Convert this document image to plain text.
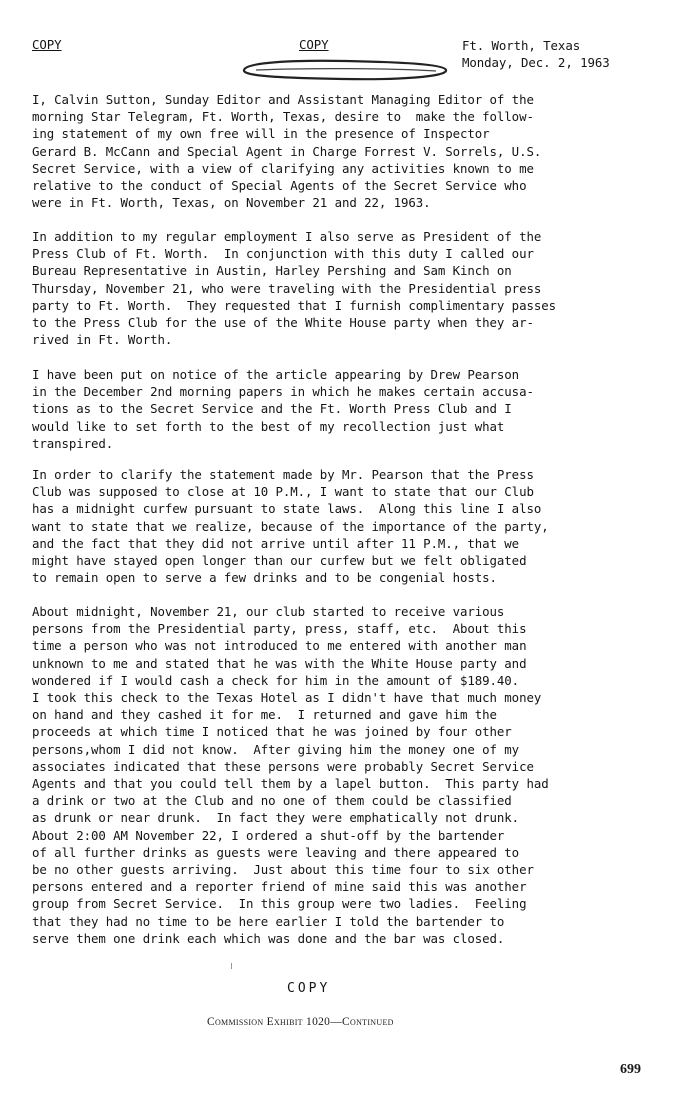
COPY	COPY	Ft. Worth, Texas
Monday, Dec. 2, 1963
I, Calvin Sutton, Sunday Editor and Assistant Managing Editor of the
morning Star Telegram, Ft. Worth, Texas, desire to  make the follow-
ing statement of my own free will in the presence of Inspector
Gerard B. McCann and Special Agent in Charge Forrest V. Sorrels, U.S.
Secret Service, with a view of clarifying any activities known to me
relative to the conduct of Special Agents of the Secret Service who
were in Ft. Worth, Texas, on November 21 and 22, 1963.
In addition to my regular employment I also serve as President of the
Press Club of Ft. Worth.  In conjunction with this duty I called our
Bureau Representative in Austin, Harley Pershing and Sam Kinch on
Thursday, November 21, who were traveling with the Presidential press
party to Ft. Worth.  They requested that I furnish complimentary passes
to the Press Club for the use of the White House party when they ar-
rived in Ft. Worth.
I have been put on notice of the article appearing by Drew Pearson
in the December 2nd morning papers in which he makes certain accusa-
tions as to the Secret Service and the Ft. Worth Press Club and I
would like to set forth to the best of my recollection just what
transpired.
In order to clarify the statement made by Mr. Pearson that the Press
Club was supposed to close at 10 P.M., I want to state that our Club
has a midnight curfew pursuant to state laws.  Along this line I also
want to state that we realize, because of the importance of the party,
and the fact that they did not arrive until after 11 P.M., that we
might have stayed open longer than our curfew but we felt obligated
to remain open to serve a few drinks and to be congenial hosts.
About midnight, November 21, our club started to receive various
persons from the Presidential party, press, staff, etc.  About this
time a person who was not introduced to me entered with another man
unknown to me and stated that he was with the White House party and
wondered if I would cash a check for him in the amount of $189.40.
I took this check to the Texas Hotel as I didn't have that much money
on hand and they cashed it for me.  I returned and gave him the
proceeds at which time I noticed that he was joined by four other
persons,whom I did not know.  After giving him the money one of my
associates indicated that these persons were probably Secret Service
Agents and that you could tell them by a lapel button.  This party had
a drink or two at the Club and no one of them could be classified
as drunk or near drunk.  In fact they were emphatically not drunk.
About 2:00 AM November 22, I ordered a shut-off by the bartender
of all further drinks as guests were leaving and there appeared to
be no other guests arriving.  Just about this time four to six other
persons entered and a reporter friend of mine said this was another
group from Secret Service.  In this group were two ladies.  Feeling
that they had no time to be here earlier I told the bartender to
serve them one drink each which was done and the bar was closed.
COPY
Commission Exhibit 1020—Continued
699
